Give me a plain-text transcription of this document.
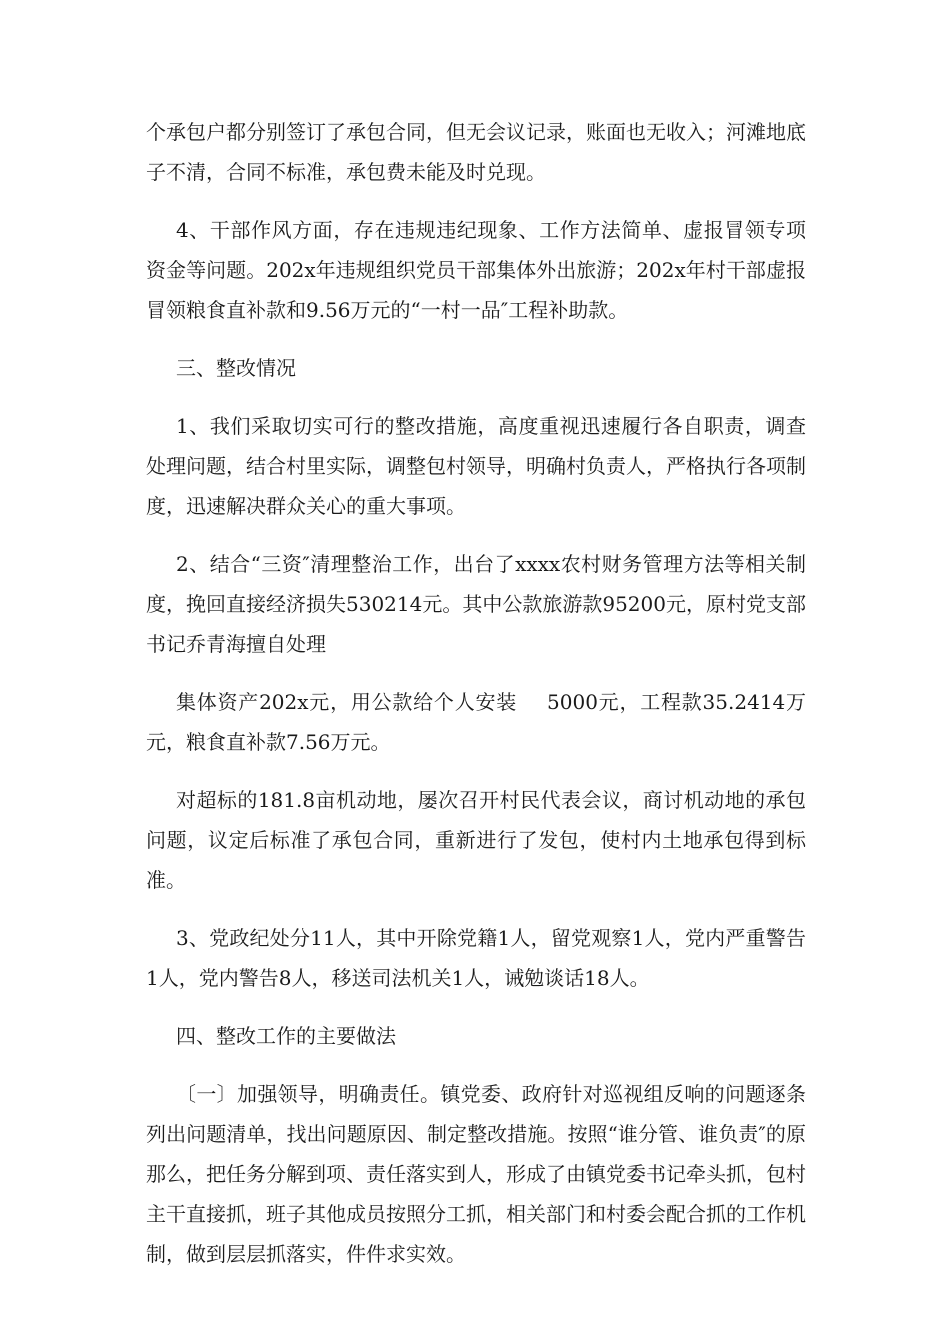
个承包户都分别签订了承包合同，但无会议记录，账面也无收入；河滩地底子不清，合同不标准，承包费未能及时兑现。

4、干部作风方面，存在违规违纪现象、工作方法简单、虚报冒领专项资金等问题。202x年违规组织党员干部集体外出旅游；202x年村干部虚报冒领粮食直补款和9.56万元的“一村一品″工程补助款。

三、整改情况

1、我们采取切实可行的整改措施，高度重视迅速履行各自职责，调查处理问题，结合村里实际，调整包村领导，明确村负责人，严格执行各项制度，迅速解决群众关心的重大事项。

2、结合“三资″清理整治工作，出台了xxxx农村财务管理方法等相关制度，挽回直接经济损失530214元。其中公款旅游款95200元，原村党支部书记乔青海擅自处理

集体资产202x元，用公款给个人安装 5000元，工程款35.2414万元，粮食直补款7.56万元。

对超标的181.8亩机动地，屡次召开村民代表会议，商讨机动地的承包问题，议定后标准了承包合同，重新进行了发包，使村内土地承包得到标准。

3、党政纪处分11人，其中开除党籍1人，留党观察1人，党内严重警告1人，党内警告8人，移送司法机关1人，诫勉谈话18人。

四、整改工作的主要做法

〔一〕加强领导，明确责任。镇党委、政府针对巡视组反响的问题逐条列出问题清单，找出问题原因、制定整改措施。按照“谁分管、谁负责″的原那么，把任务分解到项、责任落实到人，形成了由镇党委书记牵头抓，包村主干直接抓，班子其他成员按照分工抓，相关部门和村委会配合抓的工作机制，做到层层抓落实，件件求实效。
